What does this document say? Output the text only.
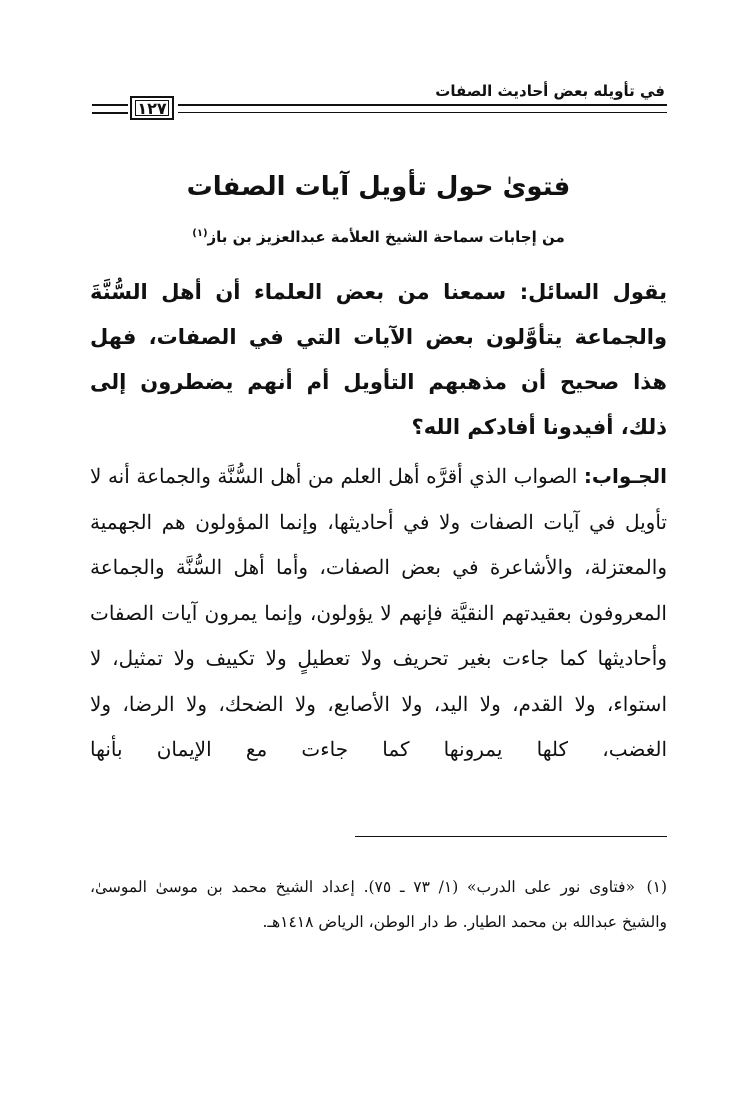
في تأويله بعض أحاديث الصفات
١٢٧
فتوىٰ حول تأويل آيات الصفات
من إجابات سماحة الشيخ العلأمة عبدالعزيز بن باز$^{(١)}$
يقول السائل: سمعنا من بعض العلماء أن أهل السُّنَّةَ والجماعة يتأوَّلون بعض الآيات التي في الصفات، فهل هذا صحيح أن مذهبهم التأويل أم أنهم يضطرون إلى ذلك، أفيدونا أفادكم الله؟
الجـواب: الصواب الذي أقرَّه أهل العلم من أهل السُّنَّة والجماعة أنه لا تأويل في آيات الصفات ولا في أحاديثها، وإنما المؤولون هم الجهمية والمعتزلة، والأشاعرة في بعض الصفات، وأما أهل السُّنَّة والجماعة المعروفون بعقيدتهم النقيَّة فإنهم لا يؤولون، وإنما يمرون آيات الصفات وأحاديثها كما جاءت بغير تحريف ولا تعطيلٍ ولا تكييف ولا تمثيل، لا استواء، ولا القدم، ولا اليد، ولا الأصابع، ولا الضحك، ولا الرضا، ولا الغضب، كلها يمرونها كما جاءت مع الإيمان بأنها
(١)«فتاوى نور على الدرب» (١/ ٧٣ ـ ٧٥). إعداد الشيخ محمد بن موسىٰ الموسىٰ، والشيخ عبدالله بن محمد الطيار. ط دار الوطن، الرياض ١٤١٨هـ.
